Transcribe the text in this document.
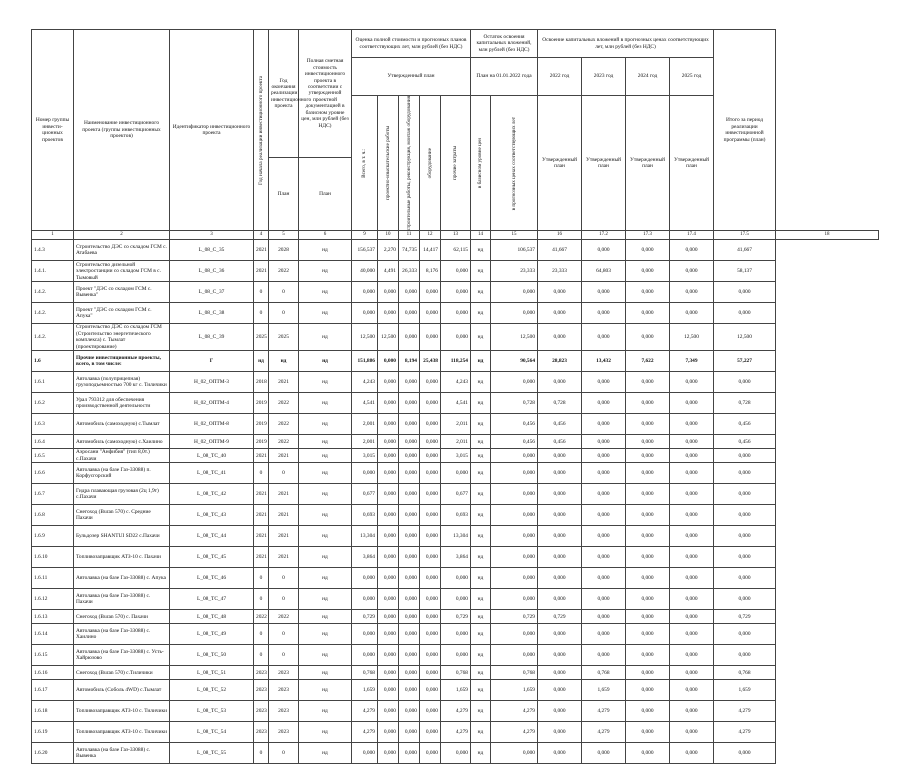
Номер группы инвести-ционных проектов	Наименование инвестиционного проекта (группы инвестиционных проектов)	Идентификатор инвестиционного проекта	Год начала реализации инвестиционного проекта	Год окончания реализации инвестиционного проекта	Полная сметная стоимость инвестиционного проекта в соответствии с утвержденной проектной документацией в базисном уровне цен, млн рублей (без НДС)	Оценка полной стоимости и прогнозных планов соответствующих лет, млн рублей (без НДС)					Остаток освоения капитальных вложений, млн рублей (без НДС)		Освоение капитальных вложений в прогнозных ценах соответствующих лет, млн рублей (без НДС)				Итого за период реализации инвестиционной программы (план)	
						Утвержденный план					План на 01.01.2022 года		2022 год	2023 год	2024 год	2025 год		

						Всего, в т. ч.:	проектно-изыскательские работы	строительные работы, реконструкция, монтаж оборудования	оборудование	прочие затраты	в базисном уровне цен	в прогнозных ценах соответствующих лет	Утвержденный план	Утвержденный план	Утвержденный план	Утвержденный план		
				План	План													
1	2	3	4	5	6	9	10	11	12	13	14	15	16	17.2	17.3	17.4	17.5	18
1.4.3	Строительство ДЭС со складом ГСМ с. Атабаева	L_08_C_35	2021	2028	нд	156,537	2,270	74,735	14,417	62,115	нд	106,537	41,667	0,000	0,000	0,000	41,667	
1.4.1.	Строительство дизельной электростанции со складом ГСМ в с. Тымовый	L_08_C_36	2021	2022	нд	40,000	4,491	26,333	8,176	0,000	нд	23,333	23,333	64,803	0,000	0,000	58,137	
1.4.2.	Проект "ДЭС со складом ГСМ с. Вывенка"	L_08_C_37	0	0	нд	0,000	0,000	0,000	0,000	0,000	нд	0,000	0,000	0,000	0,000	0,000	0,000	
1.4.2.	Проект "ДЭС со складом ГСМ с. Апука"	L_08_C_38	0	0	нд	0,000	0,000	0,000	0,000	0,000	нд	0,000	0,000	0,000	0,000	0,000	0,000	
1.4.2.	Строительство ДЭС со складом ГСМ (Строительство энергетического комплекса) с. Тымлат (проектирование)	L_08_C_39	2025	2025	нд	12,500	12,500	0,000	0,000	0,000	нд	12,500	0,000	0,000	0,000	12,500	12,500	
1.6	Прочие инвестиционные проекты, всего, в том числе:	Г	нд	нд	нд	151,886	0,000	8,194	25,438	118,254	нд	90,564	28,823	13,432	7,622	7,349	57,227	
1.6.1	Автолавка (полуприцепная) грузоподъемностью 700 кг с. Тиличики	H_02_ОПТМ-3	2018	2021	нд	4,243	0,000	0,000	0,000	4,243	нд	0,000	0,000	0,000	0,000	0,000	0,000	
1.6.2	Урал 793312 для обеспечения производственной деятельности	H_02_ОПТМ-4	2019	2022	нд	4,541	0,000	0,000	0,000	4,541	нд	0,728	0,728	0,000	0,000	0,000	0,728	
1.6.3	Автомобиль (самоходную) с.Тымлат	H_02_ОПТМ-8	2019	2022	нд	2,001	0,000	0,000	0,000	2,011	нд	0,456	0,456	0,000	0,000	0,000	0,456	
1.6.4	Автомобиль (самоходную) с.Хаилино	H_02_ОПТМ-9	2019	2022	нд	2,001	0,000	0,000	0,000	2,011	нд	0,456	0,456	0,000	0,000	0,000	0,456	
1.6.5	Аэросани "Анфибия" (тип 8,0т.) с.Пахачи	L_08_ТС_40	2021	2021	нд	3,015	0,000	0,000	0,000	3,015	нд	0,000	0,000	0,000	0,000	0,000	0,000	
1.6.6	Автолавка (на базе Газ-33088) п. Корфусгорский	L_08_ТС_41	0	0	нд	0,000	0,000	0,000	0,000	0,000	нд	0,000	0,000	0,000	0,000	0,000	0,000	
1.6.7	Гидра плавающая грузовая (2ц 1,9т) с.Пахачи	L_08_ТС_42	2021	2021	нд	0,677	0,000	0,000	0,000	0,677	нд	0,000	0,000	0,000	0,000	0,000	0,000	
1.6.8	Снегоход (Buran 570) с. Средние Пахачи	L_08_ТС_43	2021	2021	нд	0,693	0,000	0,000	0,000	0,693	нд	0,000	0,000	0,000	0,000	0,000	0,000	
1.6.9	Бульдозер SHANTUI SD22 с.Пахачи	L_08_ТС_44	2021	2021	нд	13,304	0,000	0,000	0,000	13,304	нд	0,000	0,000	0,000	0,000	0,000	0,000	
1.6.10	Топливозаправщик АТЗ-10 с. Пахачи	L_08_ТС_45	2021	2021	нд	3,864	0,000	0,000	0,000	3,864	нд	0,000	0,000	0,000	0,000	0,000	0,000	
1.6.11	Автолавка (на базе Газ-33088) с. Апука	L_08_ТС_46	0	0	нд	0,000	0,000	0,000	0,000	0,000	нд	0,000	0,000	0,000	0,000	0,000	0,000	
1.6.12	Автолавка (на базе Газ-33088) с. Пахачи	L_08_ТС_47	0	0	нд	0,000	0,000	0,000	0,000	0,000	нд	0,000	0,000	0,000	0,000	0,000	0,000	
1.6.13	Снегоход (Buran 570) с. Пахачи	L_08_ТС_48	2022	2022	нд	0,729	0,000	0,000	0,000	0,729	нд	0,729	0,729	0,000	0,000	0,000	0,729	
1.6.14	Автолавка (на базе Газ-33088) с. Хаилино	L_08_ТС_49	0	0	нд	0,000	0,000	0,000	0,000	0,000	нд	0,000	0,000	0,000	0,000	0,000	0,000	
1.6.15	Автолавка (на базе Газ-33088) с. Усть-Хайрюзово	L_08_ТС_50	0	0	нд	0,000	0,000	0,000	0,000	0,000	нд	0,000	0,000	0,000	0,000	0,000	0,000	
1.6.16	Снегоход (Buran 570) с.Тиличики	L_08_ТС_51	2023	2023	нд	0,768	0,000	0,000	0,000	0,768	нд	0,768	0,000	0,768	0,000	0,000	0,768	
1.6.17	Автомобиль (Соболь 4WD) с.Тымлат	L_08_ТС_52	2023	2023	нд	1,659	0,000	0,000	0,000	1,659	нд	1,659	0,000	1,659	0,000	0,000	1,659	
1.6.18	Топливозаправщик АТЗ-10 с. Тиличики	L_08_ТС_53	2023	2023	нд	4,279	0,000	0,000	0,000	4,279	нд	4,279	0,000	4,279	0,000	0,000	4,279	
1.6.19	Топливозаправщик АТЗ-10 с. Тиличики	L_08_ТС_54	2023	2023	нд	4,279	0,000	0,000	0,000	4,279	нд	4,279	0,000	4,279	0,000	0,000	4,279	
1.6.20	Автолавка (на базе Газ-33088) с. Вывенка	L_08_ТС_55	0	0	нд	0,000	0,000	0,000	0,000	0,000	нд	0,000	0,000	0,000	0,000	0,000	0,000	
